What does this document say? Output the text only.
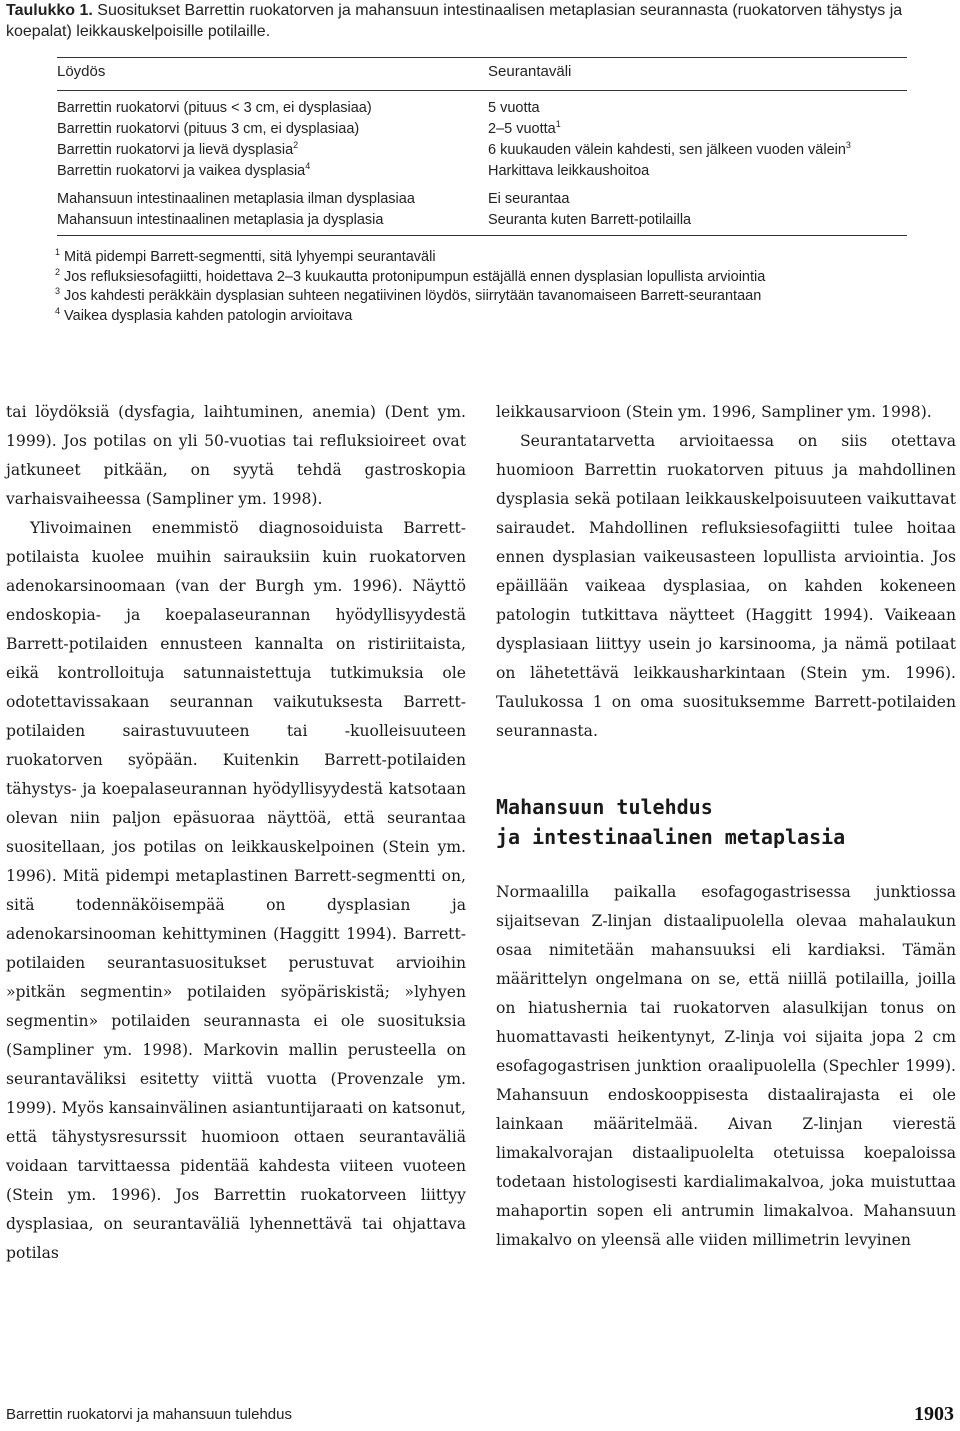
Taulukko 1. Suositukset Barrettin ruokatorven ja mahansuun intestinaalisen metaplasian seurannasta (ruokatorven tähystys ja koepalat) leikkauskelpoisille potilaille.
Löydös	Seurantaväli
Barrettin ruokatorvi (pituus < 3 cm, ei dysplasiaa)	5 vuotta
Barrettin ruokatorvi (pituus 3 cm, ei dysplasiaa)	2–5 vuotta$^1$
Barrettin ruokatorvi ja lievä dysplasia$^2$	6 kuukauden välein kahdesti, sen jälkeen vuoden välein$^3$
Barrettin ruokatorvi ja vaikea dysplasia$^4$	Harkittava leikkaushoitoa
Mahansuun intestinaalinen metaplasia ilman dysplasiaa	Ei seurantaa
Mahansuun intestinaalinen metaplasia ja dysplasia	Seuranta kuten Barrett-potilailla
$^1$ Mitä pidempi Barrett-segmentti, sitä lyhyempi seurantaväli
$^2$ Jos refluksiesofagiitti, hoidettava 2–3 kuukautta protonipumpun estäjällä ennen dysplasian lopullista arviointia
$^3$ Jos kahdesti peräkkäin dysplasian suhteen negatiivinen löydös, siirrytään tavanomaiseen Barrett-seurantaan
$^4$ Vaikea dysplasia kahden patologin arvioitava

tai löydöksiä (dysfagia, laihtuminen, anemia) (Dent ym. 1999). Jos potilas on yli 50-vuotias tai refluksioireet ovat jatkuneet pitkään, on syytä tehdä gastroskopia varhaisvaiheessa (Sampliner ym. 1998).

Ylivoimainen enemmistö diagnosoiduista Barrett-potilaista kuolee muihin sairauksiin kuin ruokatorven adenokarsinoomaan (van der Burgh ym. 1996). Näyttö endoskopia- ja koepalaseurannan hyödyllisyydestä Barrett-potilaiden ennusteen kannalta on ristiriitaista, eikä kontrolloituja satunnaistettuja tutkimuksia ole odotettavissakaan seurannan vaikutuksesta Barrett-potilaiden sairastuvuuteen tai -kuolleisuuteen ruokatorven syöpään. Kuitenkin Barrett-potilaiden tähystys- ja koepalaseurannan hyödyllisyydestä katsotaan olevan niin paljon epäsuoraa näyttöä, että seurantaa suositellaan, jos potilas on leikkauskelpoinen (Stein ym. 1996). Mitä pidempi metaplastinen Barrett-segmentti on, sitä todennäköisempää on dysplasian ja adenokarsinooman kehittyminen (Haggitt 1994). Barrett-potilaiden seurantasuositukset perustuvat arvioihin »pitkän segmentin» potilaiden syöpäriskistä; »lyhyen segmentin» potilaiden seurannasta ei ole suosituksia (Sampliner ym. 1998). Markovin mallin perusteella on seurantaväliksi esitetty viittä vuotta (Provenzale ym. 1999). Myös kansainvälinen asiantuntijaraati on katsonut, että tähystysresurssit huomioon ottaen seurantaväliä voidaan tarvittaessa pidentää kahdesta viiteen vuoteen (Stein ym. 1996). Jos Barrettin ruokatorveen liittyy dysplasiaa, on seurantaväliä lyhennettävä tai ohjattava potilas

leikkausarvioon (Stein ym. 1996, Sampliner ym. 1998).

Seurantatarvetta arvioitaessa on siis otettava huomioon Barrettin ruokatorven pituus ja mahdollinen dysplasia sekä potilaan leikkauskelpoisuuteen vaikuttavat sairaudet. Mahdollinen refluksiesofagiitti tulee hoitaa ennen dysplasian vaikeusasteen lopullista arviointia. Jos epäillään vaikeaa dysplasiaa, on kahden kokeneen patologin tutkittava näytteet (Haggitt 1994). Vaikeaan dysplasiaan liittyy usein jo karsinooma, ja nämä potilaat on lähetettävä leikkausharkintaan (Stein ym. 1996). Taulukossa 1 on oma suosituksemme Barrett-potilaiden seurannasta.

Mahansuun tulehdus
ja intestinaalinen metaplasia

Normaalilla paikalla esofagogastrisessa junktiossa sijaitsevan Z-linjan distaalipuolella olevaa mahalaukun osaa nimitetään mahansuuksi eli kardiaksi. Tämän määrittelyn ongelmana on se, että niillä potilailla, joilla on hiatushernia tai ruokatorven alasulkijan tonus on huomattavasti heikentynyt, Z-linja voi sijaita jopa 2 cm esofagogastrisen junktion oraalipuolella (Spechler 1999). Mahansuun endoskooppisesta distaalirajasta ei ole lainkaan määritelmää. Aivan Z-linjan vierestä limakalvorajan distaalipuolelta otetuissa koepaloissa todetaan histologisesti kardialimakalvoa, joka muistuttaa mahaportin sopen eli antrumin limakalvoa. Mahansuun limakalvo on yleensä alle viiden millimetrin levyinen

Barrettin ruokatorvi ja mahansuun tulehdus	1903
